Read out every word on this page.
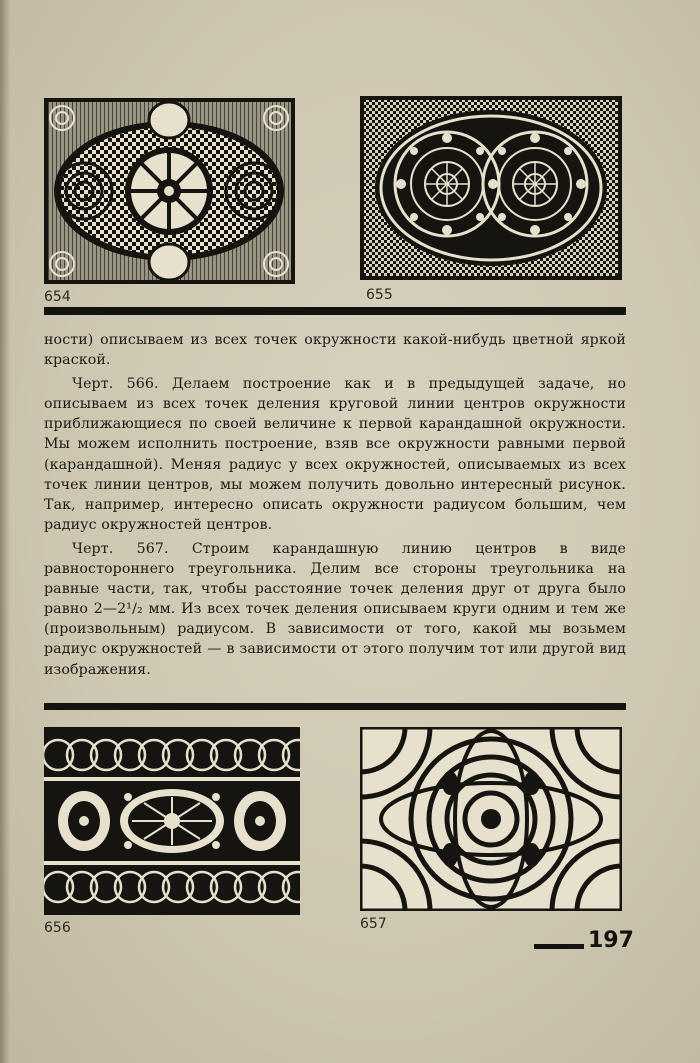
654	655

ности) описываем из всех точек окружности какой-нибудь цветной яркой краской.

Черт. 566. Делаем построение как и в предыдущей задаче, но описываем из всех точек деления круговой линии центров окружности приближающиеся по своей величине к первой карандашной окружности. Мы можем исполнить построение, взяв все окружности равными первой (карандашной). Меняя радиус у всех окружностей, описываемых из всех точек линии центров, мы можем получить довольно интересный рисунок. Так, например, интересно описать окружности радиусом большим, чем радиус окружностей центров.

Черт. 567. Строим карандашную линию центров в виде равностороннего треугольника. Делим все стороны треугольника на равные части, так, чтобы расстояние точек деления друг от друга было равно 2—2¹/₂ мм. Из всех точек деления описываем круги одним и тем же (произвольным) радиусом. В зависимости от того, какой мы возьмем радиус окружностей — в зависимости от этого получим тот или другой вид изображения.

656	657
197
